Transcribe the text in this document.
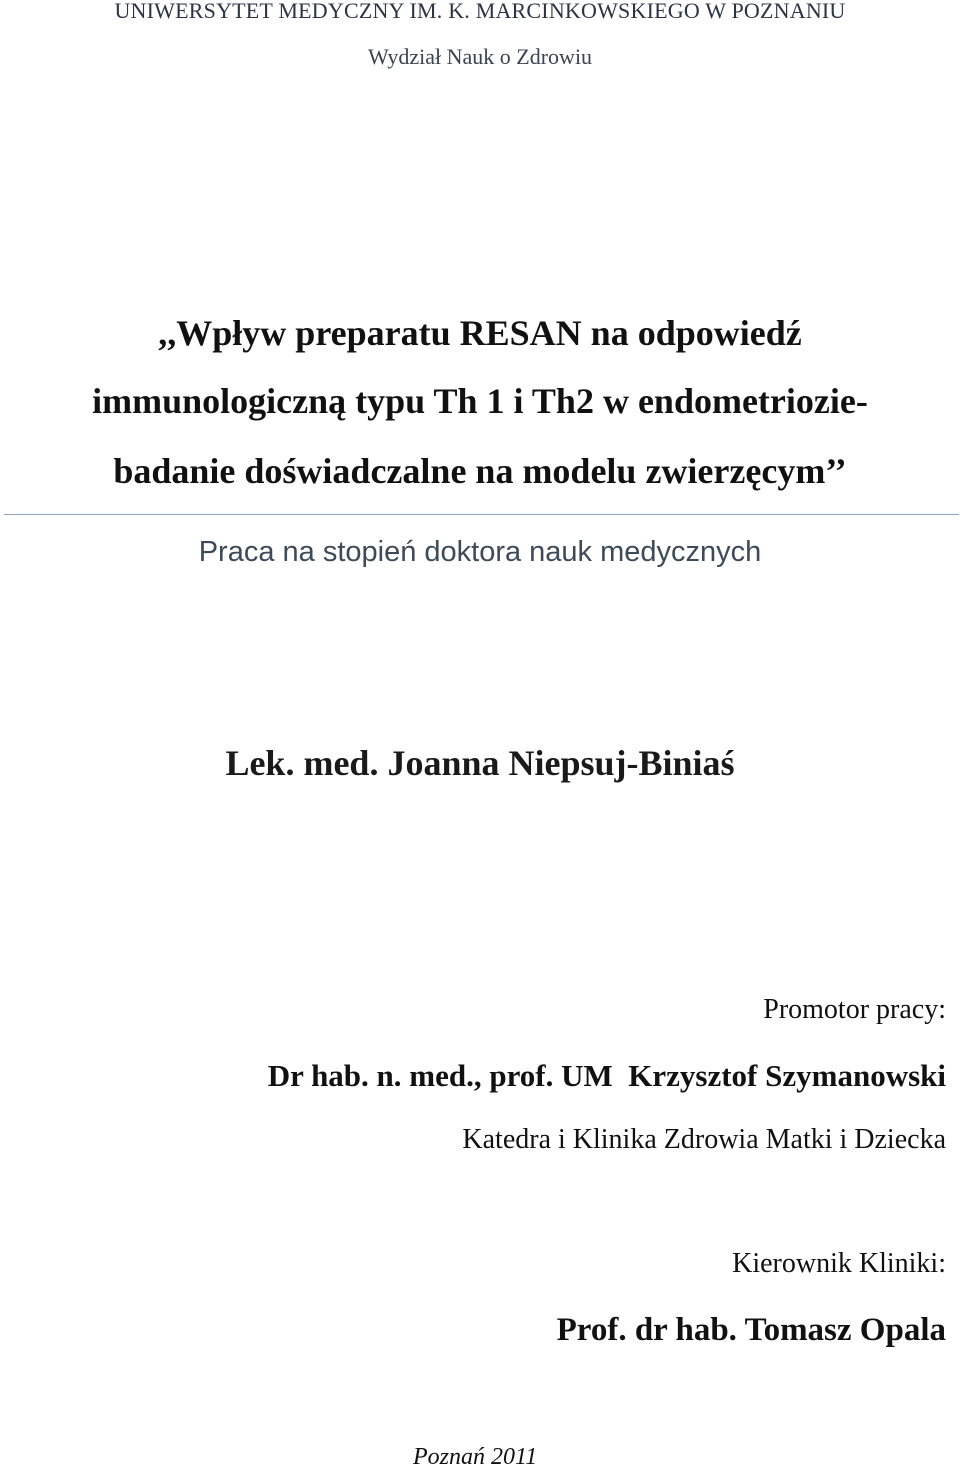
UNIWERSYTET MEDYCZNY IM. K. MARCINKOWSKIEGO W POZNANIU

Wydział Nauk o Zdrowiu

,,Wpływ preparatu RESAN na odpowiedź

immunologiczną typu Th 1 i Th2 w endometriozie-

badanie doświadczalne na modelu zwierzęcym’’

Praca na stopień doktora nauk medycznych

Lek. med. Joanna Niepsuj-Biniaś

Promotor pracy:

Dr hab. n. med., prof. UM  Krzysztof Szymanowski

Katedra i Klinika Zdrowia Matki i Dziecka

Kierownik Kliniki:

Prof. dr hab. Tomasz Opala

Poznań 2011
